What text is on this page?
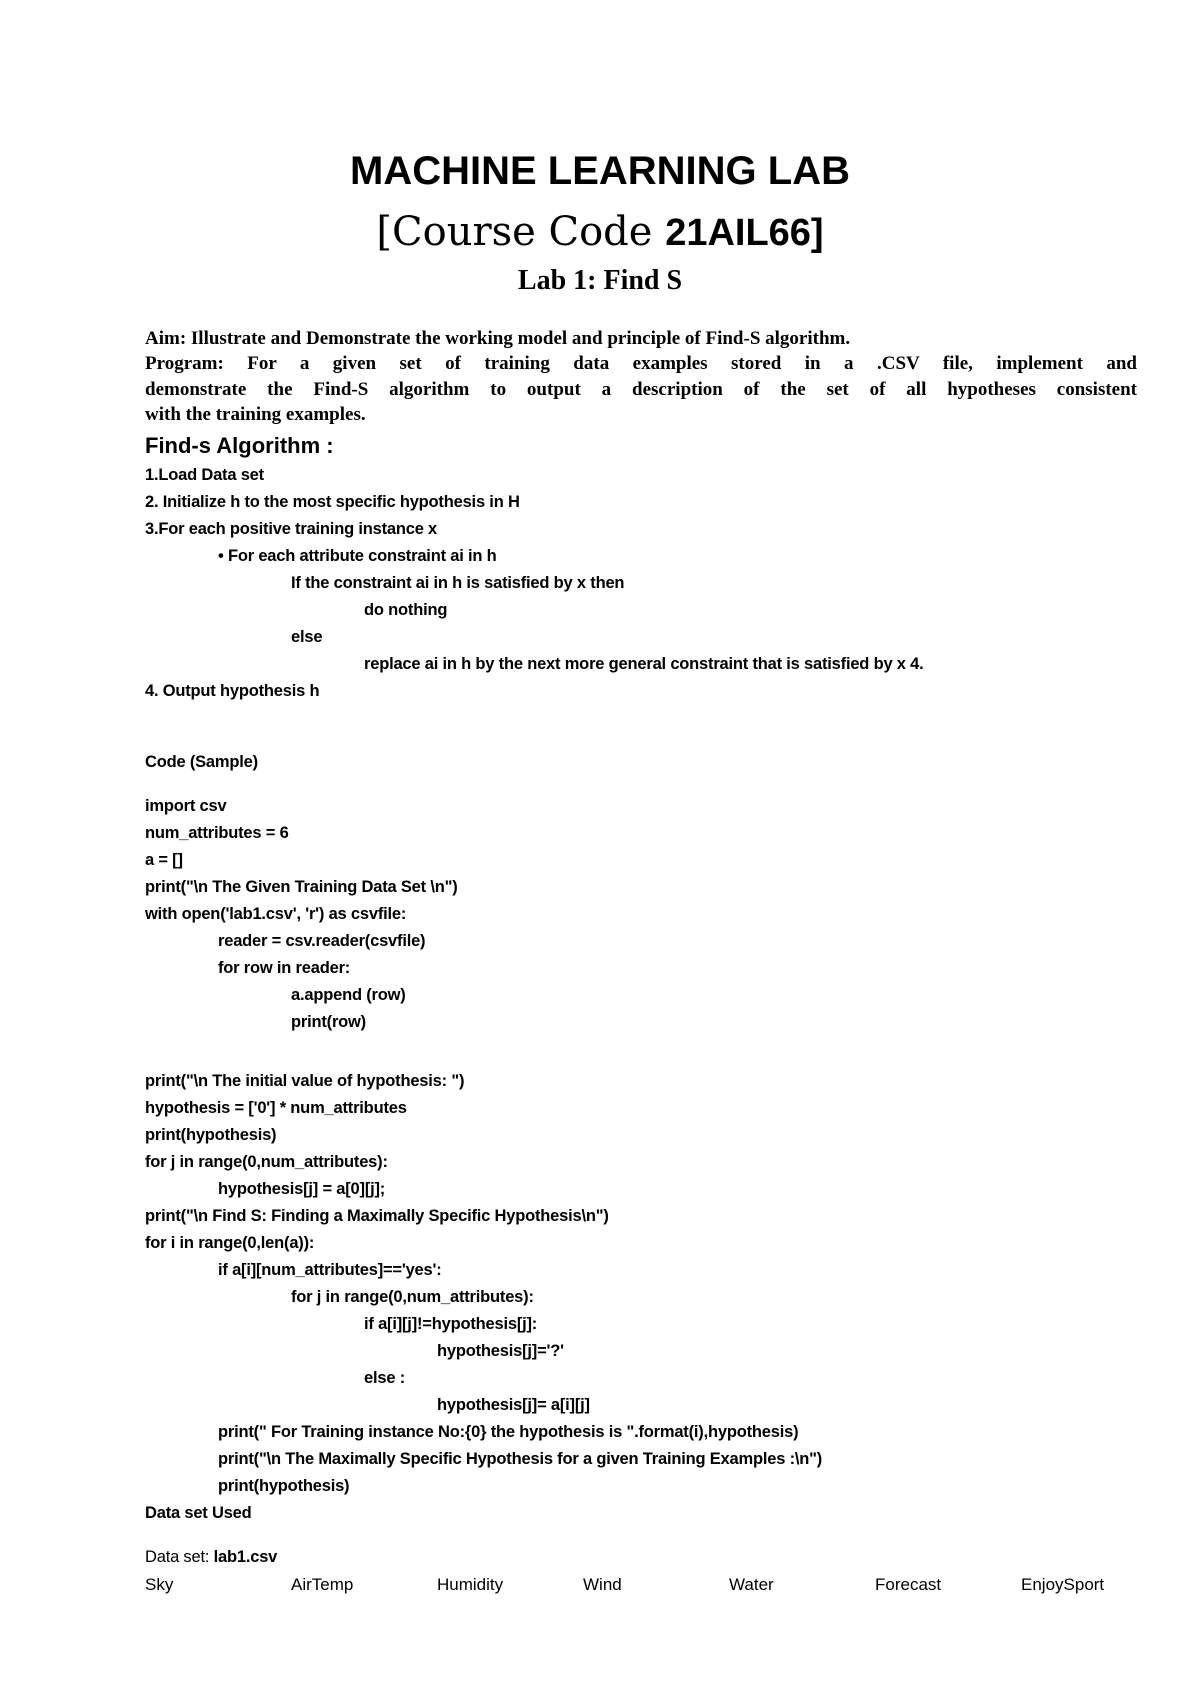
MACHINE LEARNING LAB
[Course Code 21AIL66]
Lab 1: Find S
Aim: Illustrate and Demonstrate the working model and principle of Find-S algorithm.
Program: For a given set of training data examples stored in a .CSV file, implement and
demonstrate the Find-S algorithm to output a description of the set of all hypotheses consistent
with the training examples.
Find-s Algorithm :
1.Load Data set
2. Initialize h to the most specific hypothesis in H
3.For each positive training instance x
• For each attribute constraint ai in h
If the constraint ai in h is satisfied by x then
do nothing
else
replace ai in h by the next more general constraint that is satisfied by x 4.
4. Output hypothesis h
Code (Sample)
import csv
num_attributes = 6
a = []
print("\n The Given Training Data Set \n")
with open('lab1.csv', 'r') as csvfile:
reader = csv.reader(csvfile)
for row in reader:
a.append (row)
print(row)
print("\n The initial value of hypothesis: ")
hypothesis = ['0'] * num_attributes
print(hypothesis)
for j in range(0,num_attributes):
hypothesis[j] = a[0][j];
print("\n Find S: Finding a Maximally Specific Hypothesis\n")
for i in range(0,len(a)):
if a[i][num_attributes]=='yes':
for j in range(0,num_attributes):
if a[i][j]!=hypothesis[j]:
hypothesis[j]='?'
else :
hypothesis[j]= a[i][j]
print(" For Training instance No:{0} the hypothesis is ".format(i),hypothesis)
print("\n The Maximally Specific Hypothesis for a given Training Examples :\n")
print(hypothesis)
Data set Used
Data set: lab1.csv
Sky	AirTemp	Humidity	Wind	Water	Forecast	EnjoySport
